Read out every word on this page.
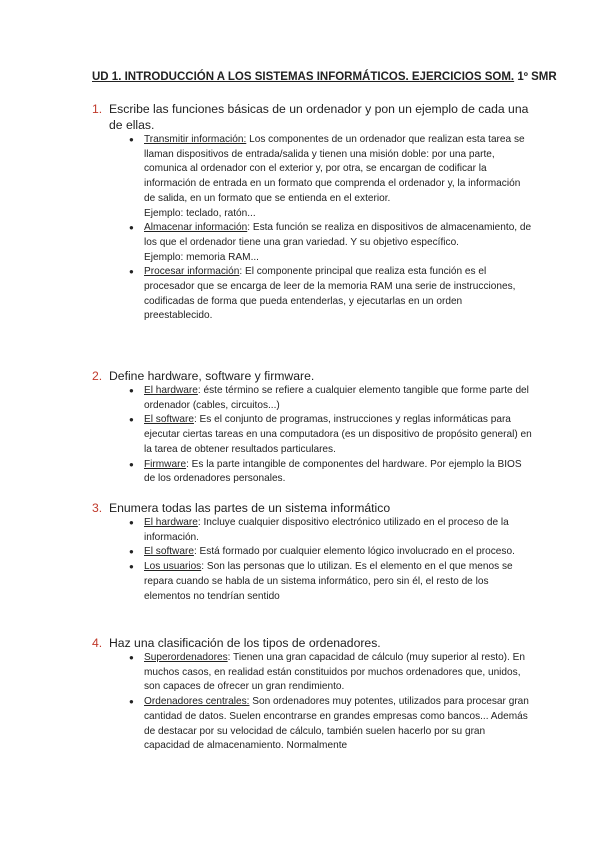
UD 1. INTRODUCCIÓN A LOS SISTEMAS INFORMÁTICOS. EJERCICIOS SOM. 1º SMR
1. Escribe las funciones básicas de un ordenador y pon un ejemplo de cada una de ellas.
● Transmitir información: Los componentes de un ordenador que realizan esta tarea se llaman dispositivos de entrada/salida y tienen una misión doble: por una parte, comunica al ordenador con el exterior y, por otra, se encargan de codificar la información de entrada en un formato que comprenda el ordenador y, la información de salida, en un formato que se entienda en el exterior.
Ejemplo: teclado, ratón...
● Almacenar información: Esta función se realiza en dispositivos de almacenamiento, de los que el ordenador tiene una gran variedad. Y su objetivo específico.
Ejemplo: memoria RAM...
● Procesar información: El componente principal que realiza esta función es el procesador que se encarga de leer de la memoria RAM una serie de instrucciones, codificadas de forma que pueda entenderlas, y ejecutarlas en un orden preestablecido.
2. Define hardware, software y firmware.
● El hardware: éste término se refiere a cualquier elemento tangible que forme parte del ordenador (cables, circuitos...)
● El software: Es el conjunto de programas, instrucciones y reglas informáticas para ejecutar ciertas tareas en una computadora (es un dispositivo de propósito general) en la tarea de obtener resultados particulares.
● Firmware: Es la parte intangible de componentes del hardware. Por ejemplo la BIOS de los ordenadores personales.
3. Enumera todas las partes de un sistema informático
● El hardware: Incluye cualquier dispositivo electrónico utilizado en el proceso de la información.
● El software: Está formado por cualquier elemento lógico involucrado en el proceso.
● Los usuarios: Son las personas que lo utilizan. Es el elemento en el que menos se repara cuando se habla de un sistema informático, pero sin él, el resto de los elementos no tendrían sentido
4. Haz una clasificación de los tipos de ordenadores.
● Superordenadores: Tienen una gran capacidad de cálculo (muy superior al resto). En muchos casos, en realidad están constituidos por muchos ordenadores que, unidos, son capaces de ofrecer un gran rendimiento.
● Ordenadores centrales: Son ordenadores muy potentes, utilizados para procesar gran cantidad de datos. Suelen encontrarse en grandes empresas como bancos... Además de destacar por su velocidad de cálculo, también suelen hacerlo por su gran capacidad de almacenamiento. Normalmente
